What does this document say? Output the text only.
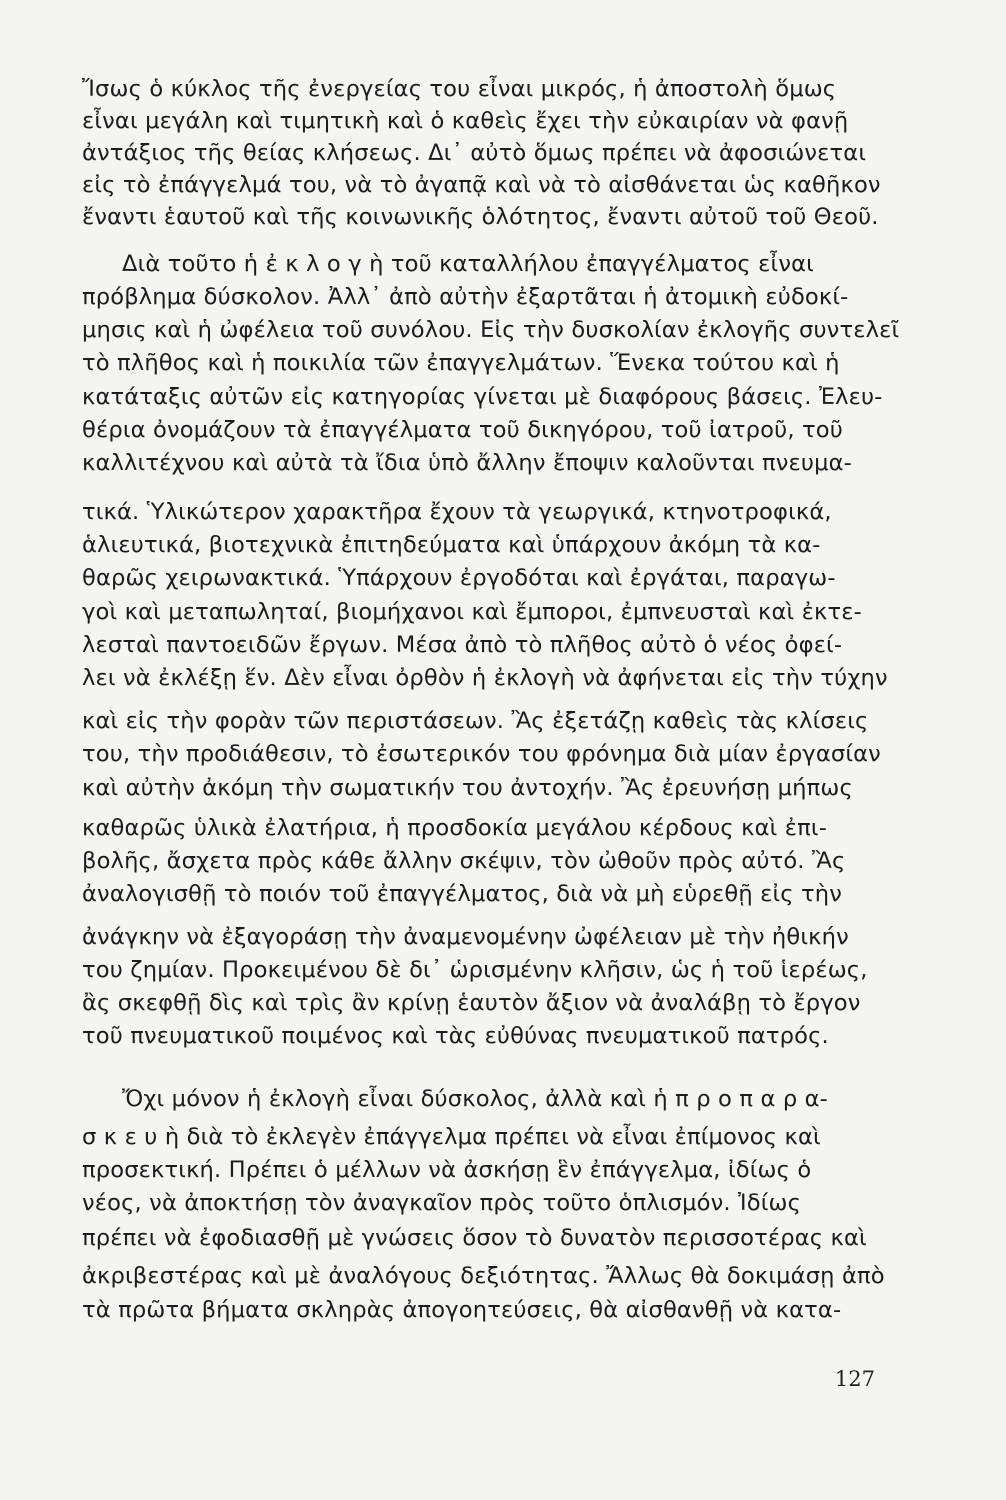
Ἴσως ὁ κύκλος τῆς ἐνεργείας του εἶναι μικρός, ἡ ἀποστολὴ ὅμως
εἶναι μεγάλη καὶ τιμητικὴ καὶ ὁ καθεὶς ἔχει τὴν εὐκαιρίαν νὰ φανῇ
ἀντάξιος τῆς θείας κλήσεως. Δι᾽ αὐτὸ ὅμως πρέπει νὰ ἀφοσιώνεται
εἰς τὸ ἐπάγγελμά του, νὰ τὸ ἀγαπᾷ καὶ νὰ τὸ αἰσθάνεται ὡς καθῆκον
ἔναντι ἑαυτοῦ καὶ τῆς κοινωνικῆς ὁλότητος, ἔναντι αὐτοῦ τοῦ Θεοῦ.
Διὰ τοῦτο ἡ ἐ κ λ ο γ ὴ τοῦ καταλλήλου ἐπαγγέλματος εἶναι
πρόβλημα δύσκολον. Ἀλλ᾽ ἀπὸ αὐτὴν ἐξαρτᾶται ἡ ἀτομικὴ εὐδοκί-
μησις καὶ ἡ ὠφέλεια τοῦ συνόλου. Εἰς τὴν δυσκολίαν ἐκλογῆς συντελεῖ
τὸ πλῆθος καὶ ἡ ποικιλία τῶν ἐπαγγελμάτων. Ἕνεκα τούτου καὶ ἡ
κατάταξις αὐτῶν εἰς κατηγορίας γίνεται μὲ διαφόρους βάσεις. Ἐλευ-
θέρια ὀνομάζουν τὰ ἐπαγγέλματα τοῦ δικηγόρου, τοῦ ἰατροῦ, τοῦ
καλλιτέχνου καὶ αὐτὰ τὰ ἴδια ὑπὸ ἄλλην ἔποψιν καλοῦνται πνευμα-
τικά. Ὑλικώτερον χαρακτῆρα ἔχουν τὰ γεωργικά, κτηνοτροφικά,
ἁλιευτικά, βιοτεχνικὰ ἐπιτηδεύματα καὶ ὑπάρχουν ἀκόμη τὰ κα-
θαρῶς χειρωνακτικά. Ὑπάρχουν ἐργοδόται καὶ ἐργάται, παραγω-
γοὶ καὶ μεταπωληταί, βιομήχανοι καὶ ἔμποροι, ἐμπνευσταὶ καὶ ἐκτε-
λεσταὶ παντοειδῶν ἔργων. Μέσα ἀπὸ τὸ πλῆθος αὐτὸ ὁ νέος ὀφεί-
λει νὰ ἐκλέξῃ ἕν. Δὲν εἶναι ὀρθὸν ἡ ἐκλογὴ νὰ ἀφήνεται εἰς τὴν τύχην
καὶ εἰς τὴν φορὰν τῶν περιστάσεων. Ἂς ἐξετάζῃ καθεὶς τὰς κλίσεις
του, τὴν προδιάθεσιν, τὸ ἐσωτερικόν του φρόνημα διὰ μίαν ἐργασίαν
καὶ αὐτὴν ἀκόμη τὴν σωματικήν του ἀντοχήν. Ἂς ἐρευνήσῃ μήπως
καθαρῶς ὑλικὰ ἐλατήρια, ἡ προσδοκία μεγάλου κέρδους καὶ ἐπι-
βολῆς, ἄσχετα πρὸς κάθε ἄλλην σκέψιν, τὸν ὠθοῦν πρὸς αὐτό. Ἂς
ἀναλογισθῇ τὸ ποιόν τοῦ ἐπαγγέλματος, διὰ νὰ μὴ εὑρεθῇ εἰς τὴν
ἀνάγκην νὰ ἐξαγοράσῃ τὴν ἀναμενομένην ὠφέλειαν μὲ τὴν ἠθικήν
του ζημίαν. Προκειμένου δὲ δι᾽ ὡρισμένην κλῆσιν, ὡς ἡ τοῦ ἱερέως,
ἂς σκεφθῇ δὶς καὶ τρὶς ἂν κρίνῃ ἑαυτὸν ἄξιον νὰ ἀναλάβῃ τὸ ἔργον
τοῦ πνευματικοῦ ποιμένος καὶ τὰς εὐθύνας πνευματικοῦ πατρός.
Ὄχι μόνον ἡ ἐκλογὴ εἶναι δύσκολος, ἀλλὰ καὶ ἡ π ρ ο π α ρ α-
σ κ ε υ ὴ διὰ τὸ ἐκλεγὲν ἐπάγγελμα πρέπει νὰ εἶναι ἐπίμονος καὶ
προσεκτική. Πρέπει ὁ μέλλων νὰ ἀσκήσῃ ἓν ἐπάγγελμα, ἰδίως ὁ
νέος, νὰ ἀποκτήσῃ τὸν ἀναγκαῖον πρὸς τοῦτο ὁπλισμόν. Ἰδίως
πρέπει νὰ ἐφοδιασθῇ μὲ γνώσεις ὅσον τὸ δυνατὸν περισσοτέρας καὶ
ἀκριβεστέρας καὶ μὲ ἀναλόγους δεξιότητας. Ἄλλως θὰ δοκιμάσῃ ἀπὸ
τὰ πρῶτα βήματα σκληρὰς ἀπογοητεύσεις, θὰ αἰσθανθῇ νὰ κατα-
127
